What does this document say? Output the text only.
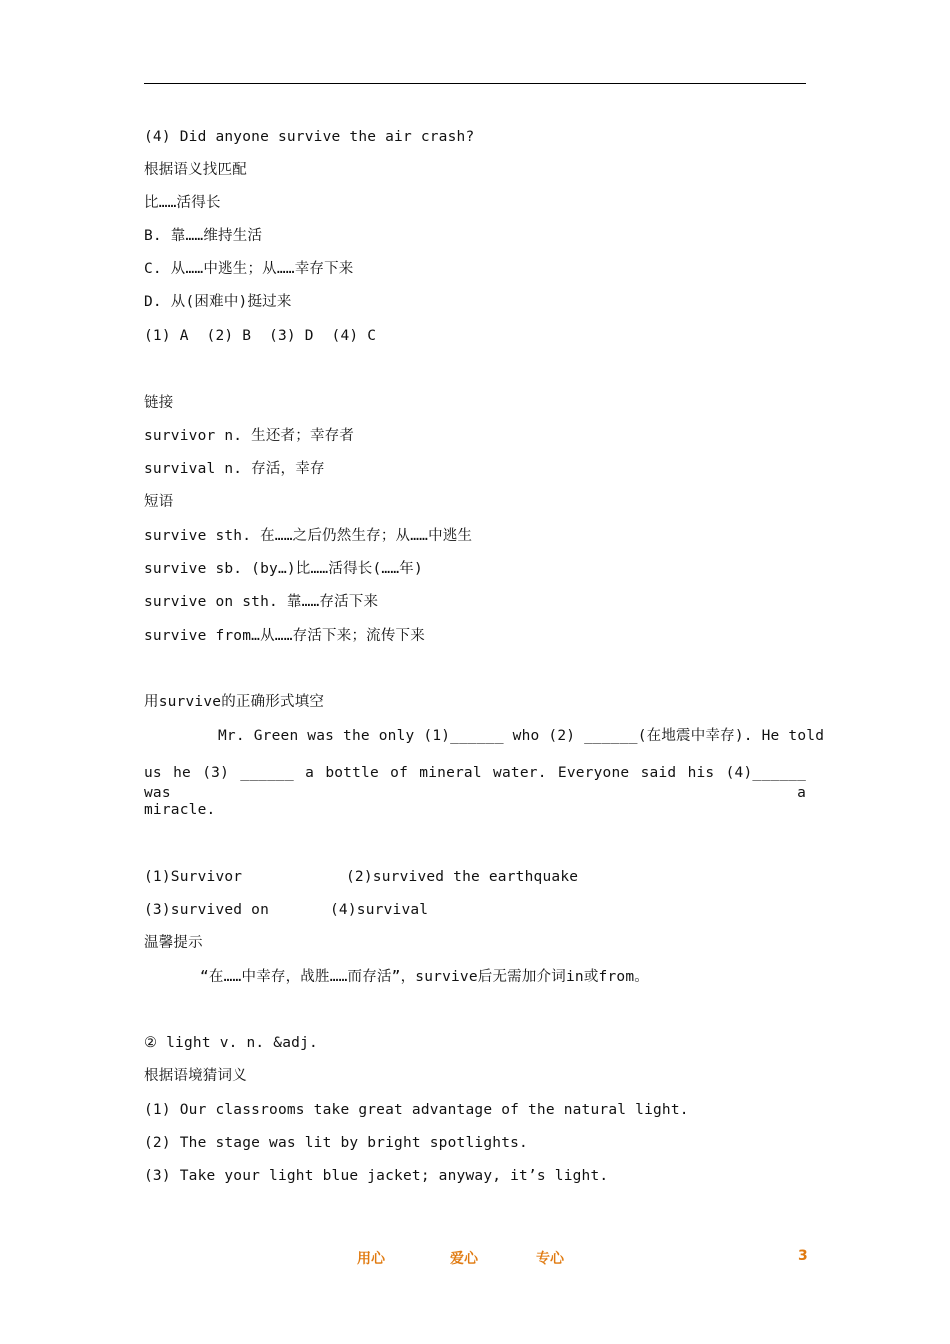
(4) Did anyone survive the air crash?
根据语义找匹配
比……活得长
B. 靠……维持生活
C. 从……中逃生；从……幸存下来
D. 从(困难中)挺过来
(1) A  (2) B  (3) D  (4) C
链接
survivor n. 生还者；幸存者
survival n. 存活，幸存
短语
survive sth. 在……之后仍然生存；从……中逃生
survive sb. (by…)比……活得长(……年)
survive on sth. 靠……存活下来
survive from…从……存活下来；流传下来
用survive的正确形式填空
Mr. Green was the only (1)______ who (2) ______(在地震中幸存). He told
us he (3) ______ a bottle of mineral water. Everyone said his (4)______ was a
miracle.
(1)Survivor	(2)survived the earthquake
(3)survived on	(4)survival
温馨提示
“在……中幸存，战胜……而存活”，survive后无需加介词in或from。
② light v. n. &adj.
根据语境猜词义
(1) Our classrooms take great advantage of the natural light.
(2) The stage was lit by bright spotlights.
(3) Take your light blue jacket; anyway, it’s light.
用心	爱心	专心	3
